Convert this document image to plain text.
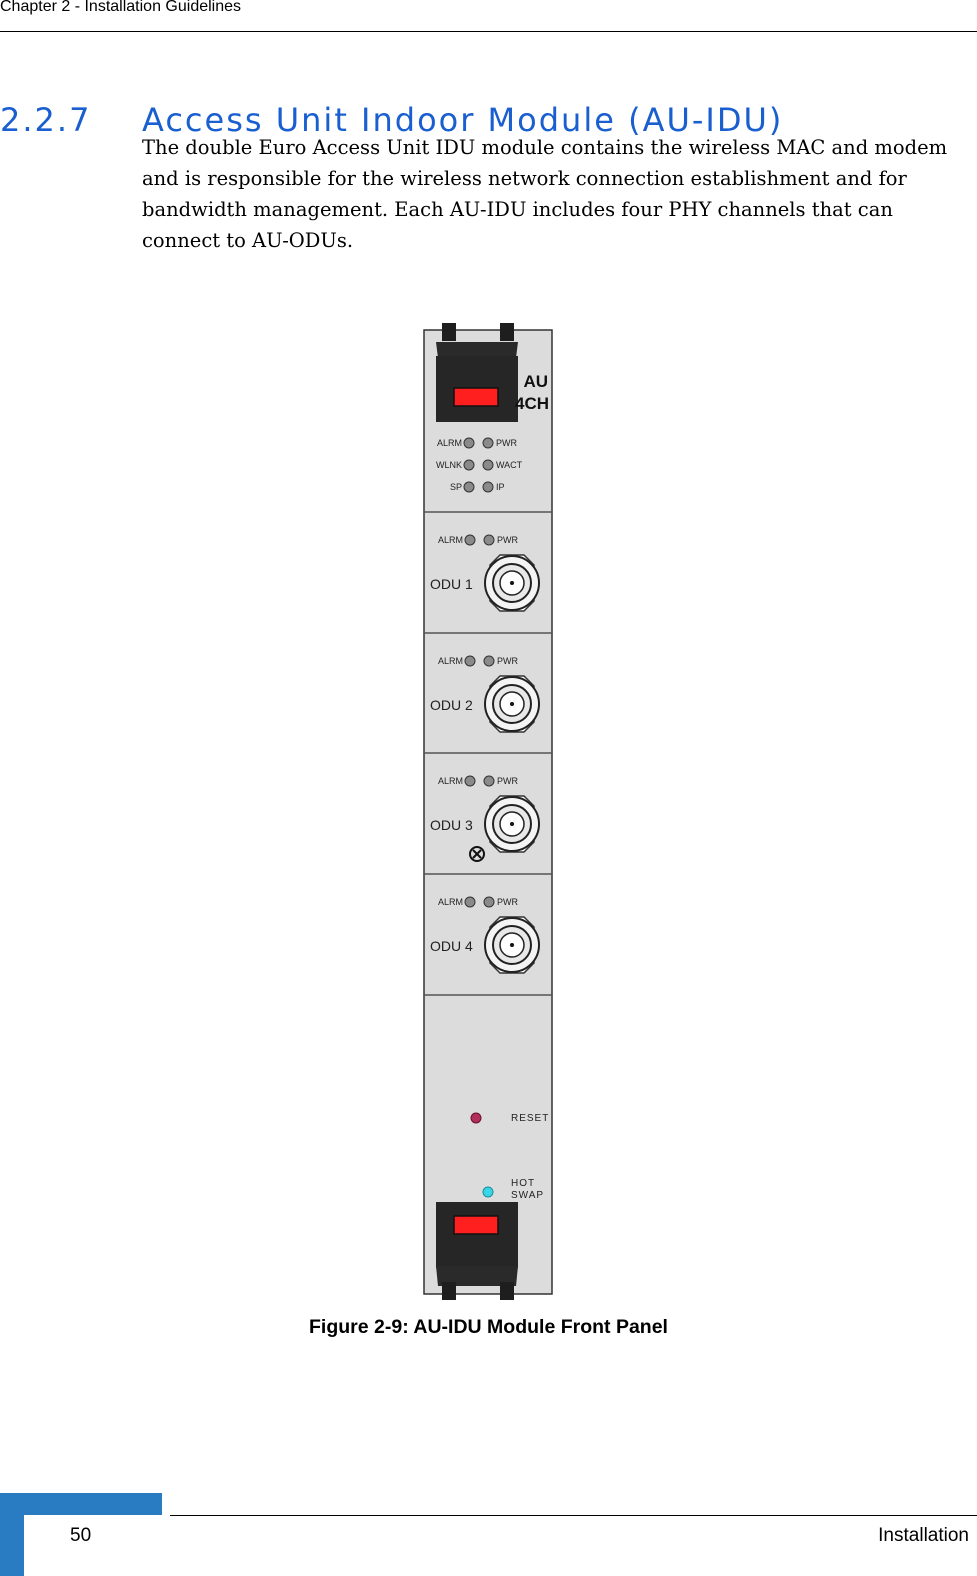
Chapter 2 - Installation Guidelines
2.2.7 Access Unit Indoor Module (AU-IDU)

The double Euro Access Unit IDU module contains the wireless MAC and modem and is responsible for the wireless network connection establishment and for bandwidth management. Each AU-IDU includes four PHY channels that can connect to AU-ODUs.

AU
4CH
ALRM	PWR
WLNK	WACT
SP	IP
ALRM	PWR
ODU 1
ALRM	PWR
ODU 2
ALRM	PWR
ODU 3
ALRM	PWR
ODU 4
RESET
HOT
SWAP
Figure 2-9: AU-IDU Module Front Panel
50	Installation
